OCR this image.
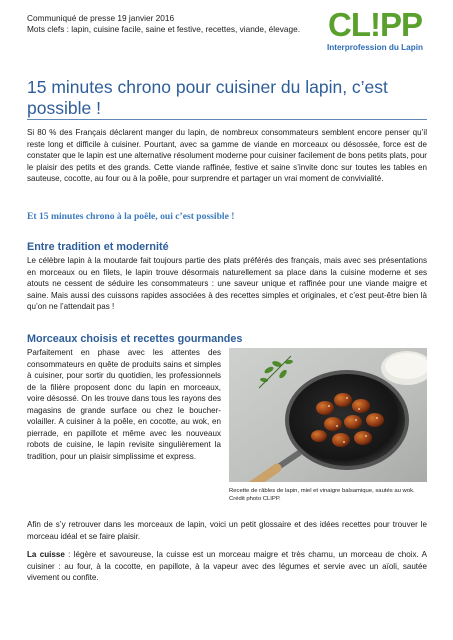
Communiqué de presse 19 janvier 2016
Mots clefs : lapin, cuisine facile, saine et festive, recettes, viande, élevage. CL!PP
Interprofession du Lapin
15 minutes chrono pour cuisiner du lapin, c’est possible !

Si 80 % des Français déclarent manger du lapin, de nombreux consommateurs semblent encore penser qu’il reste long et difficile à cuisiner. Pourtant, avec sa gamme de viande en morceaux ou désossée, force est de constater que le lapin est une alternative résolument moderne pour cuisiner facilement de bons petits plats, pour le plaisir des petits et des grands. Cette viande raffinée, festive et saine s’invite donc sur toutes les tables en sauteuse, cocotte, au four ou à la poêle, pour surprendre et partager un vrai moment de convivialité.

Et 15 minutes chrono à la poêle, oui c’est possible !

Entre tradition et modernité

Le célèbre lapin à la moutarde fait toujours partie des plats préférés des français, mais avec ses présentations en morceaux ou en filets, le lapin trouve désormais naturellement sa place dans la cuisine moderne et ses atouts ne cessent de séduire les consommateurs : une saveur unique et raffinée pour une viande maigre et saine. Mais aussi des cuissons rapides associées à des recettes simples et originales, et c’est peut-être bien là qu’on ne l’attendait pas !

Morceaux choisis et recettes gourmandes

Parfaitement en phase avec les attentes des consommateurs en quête de produits sains et simples à cuisiner, pour sortir du quotidien, les professionnels de la filière proposent donc du lapin en morceaux, voire désossé. On les trouve dans tous les rayons des magasins de grande surface ou chez le boucher-volailler. A cuisiner à la poêle, en cocotte, au wok, en pierrade, en papillote et même avec les nouveaux robots de cuisine, le lapin revisite singulièrement la tradition, pour un plaisir simplissime et express.

Recette de râbles de lapin, miel et vinaigre balsamique, sautés au wok.
Crédit photo CLIPP.

Afin de s’y retrouver dans les morceaux de lapin, voici un petit glossaire et des idées recettes pour trouver le morceau idéal et se faire plaisir.

La cuisse : légère et savoureuse, la cuisse est un morceau maigre et très charnu, un morceau de choix. A cuisiner : au four, à la cocotte, en papillote, à la vapeur avec des légumes et servie avec un aïoli, sautée vivement ou confite.
